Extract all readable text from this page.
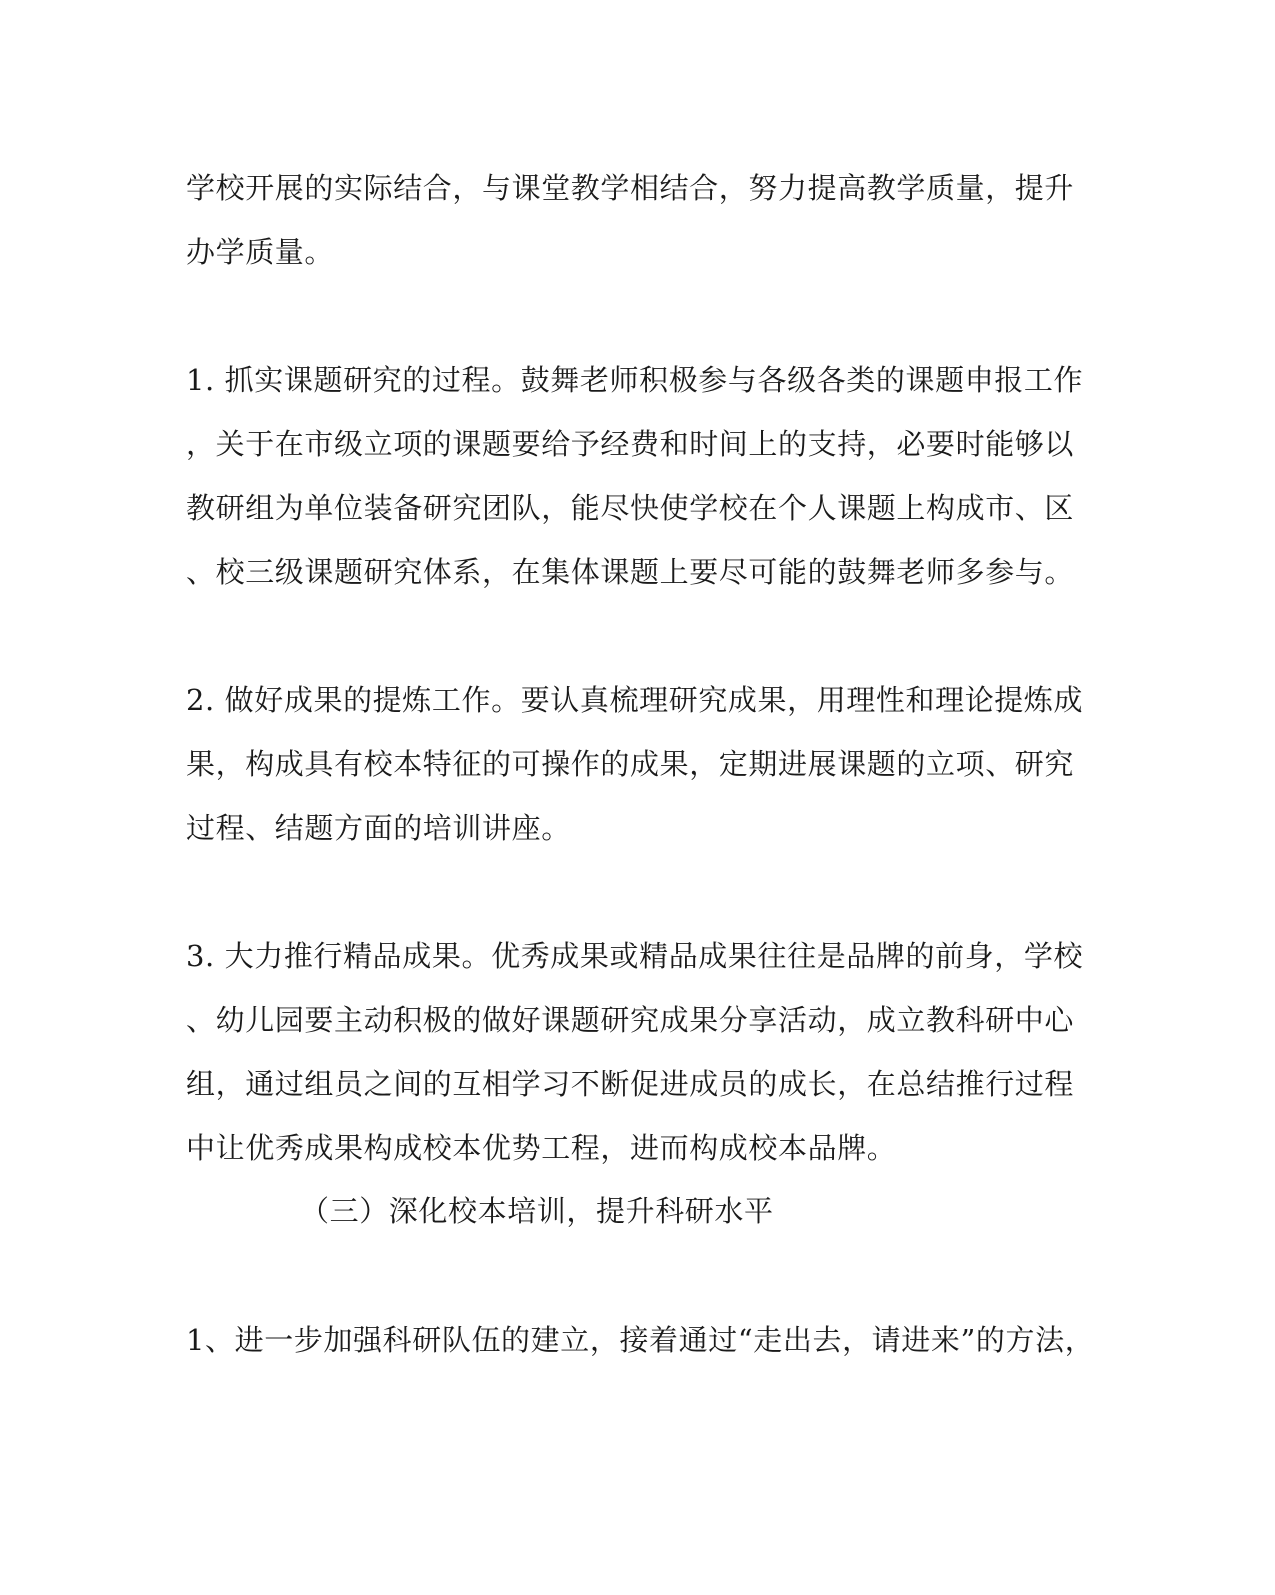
学校开展的实际结合，与课堂教学相结合，努力提高教学质量，提升
办学质量。
1. 抓实课题研究的过程。鼓舞老师积极参与各级各类的课题申报工作
，关于在市级立项的课题要给予经费和时间上的支持，必要时能够以
教研组为单位装备研究团队，能尽快使学校在个人课题上构成市、区
、校三级课题研究体系，在集体课题上要尽可能的鼓舞老师多参与。
2. 做好成果的提炼工作。要认真梳理研究成果，用理性和理论提炼成
果，构成具有校本特征的可操作的成果，定期进展课题的立项、研究
过程、结题方面的培训讲座。
3. 大力推行精品成果。优秀成果或精品成果往往是品牌的前身，学校
、幼儿园要主动积极的做好课题研究成果分享活动，成立教科研中心
组，通过组员之间的互相学习不断促进成员的成长，在总结推行过程
中让优秀成果构成校本优势工程，进而构成校本品牌。
（三）深化校本培训，提升科研水平
1、进一步加强科研队伍的建立，接着通过“走出去，请进来”的方法，
